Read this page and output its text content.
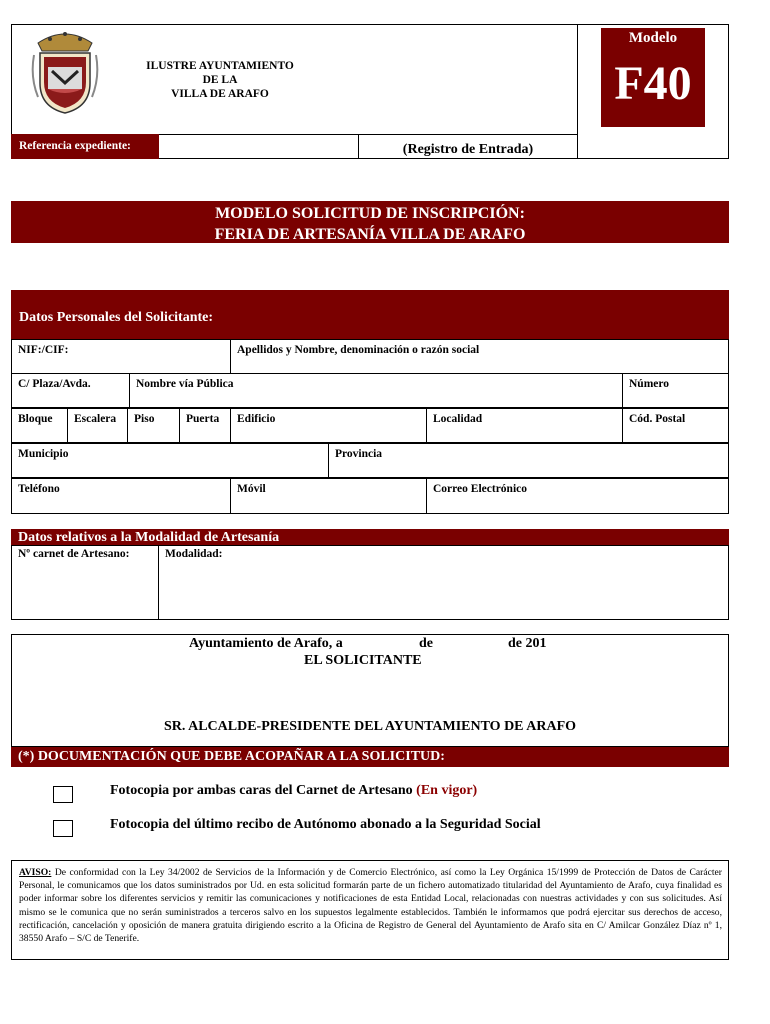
ILUSTRE AYUNTAMIENTO
DE LA
VILLA DE ARAFO
Modelo
F40
Referencia expediente:	(Registro de Entrada)
MODELO SOLICITUD DE INSCRIPCIÓN:
FERIA DE ARTESANÍA VILLA DE ARAFO
Datos Personales del Solicitante:
NIF:/CIF:	Apellidos y Nombre, denominación o razón social
C/ Plaza/Avda.	Nombre vía Pública	Número
Bloque	Escalera	Piso	Puerta	Edificio	Localidad	Cód. Postal
Municipio	Provincia
Teléfono	Móvil	Correo Electrónico
Datos relativos a la Modalidad de Artesanía
Nº carnet de Artesano:	Modalidad:
Ayuntamiento de Arafo, a	de	de 201
EL SOLICITANTE
SR. ALCALDE-PRESIDENTE DEL AYUNTAMIENTO DE ARAFO
(*) DOCUMENTACIÓN QUE DEBE ACOPAÑAR A LA SOLICITUD:
Fotocopia por ambas caras del Carnet de Artesano (En vigor)
Fotocopia del último recibo de Autónomo abonado a la Seguridad Social
AVISO: De conformidad con la Ley 34/2002 de Servicios de la Información y de Comercio Electrónico, así como la Ley Orgánica 15/1999 de Protección de Datos de Carácter Personal, le comunicamos que los datos suministrados por Ud. en esta solicitud formarán parte de un fichero automatizado titularidad del Ayuntamiento de Arafo, cuya finalidad es poder informar sobre los diferentes servicios y remitir las comunicaciones y notificaciones de esta Entidad Local, relacionadas con nuestras actividades y con sus solicitudes. Así mismo se le comunica que no serán suministrados a terceros salvo en los supuestos legalmente establecidos. También le informamos que podrá ejercitar sus derechos de acceso, rectificación, cancelación y oposición de manera gratuita dirigiendo escrito a la Oficina de Registro de General del Ayuntamiento de Arafo sita en C/ Amilcar González Díaz nº 1, 38550 Arafo – S/C de Tenerife.
